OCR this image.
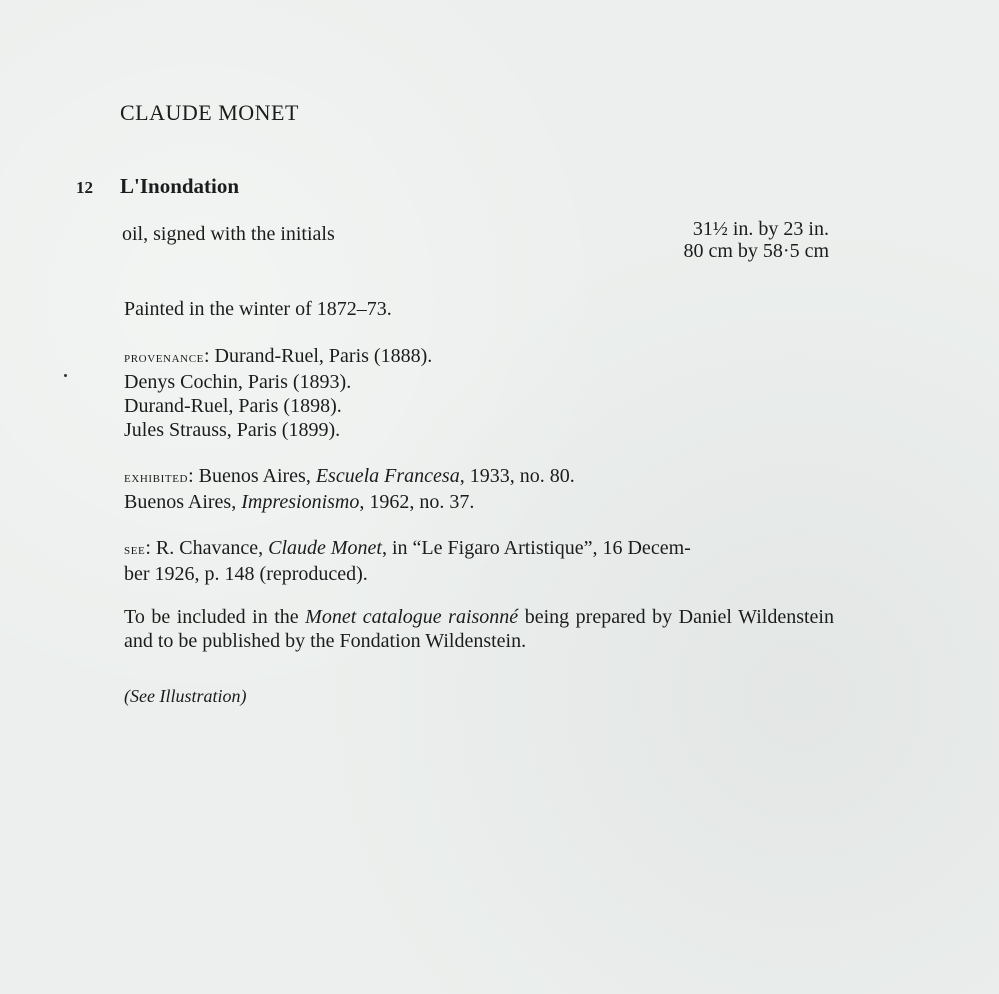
CLAUDE MONET
12 L'Inondation
oil, signed with the initials	31½ in. by 23 in.
80 cm by 58·5 cm
Painted in the winter of 1872–73.
provenance: Durand-Ruel, Paris (1888).
Denys Cochin, Paris (1893).
Durand-Ruel, Paris (1898).
Jules Strauss, Paris (1899).
exhibited: Buenos Aires, Escuela Francesa, 1933, no. 80.
Buenos Aires, Impresionismo, 1962, no. 37.
see: R. Chavance, Claude Monet, in “Le Figaro Artistique”, 16 Decem-
ber 1926, p. 148 (reproduced).
To be included in the Monet catalogue raisonné being prepared by Daniel Wildenstein and to be published by the Fondation Wildenstein.
(See Illustration)
